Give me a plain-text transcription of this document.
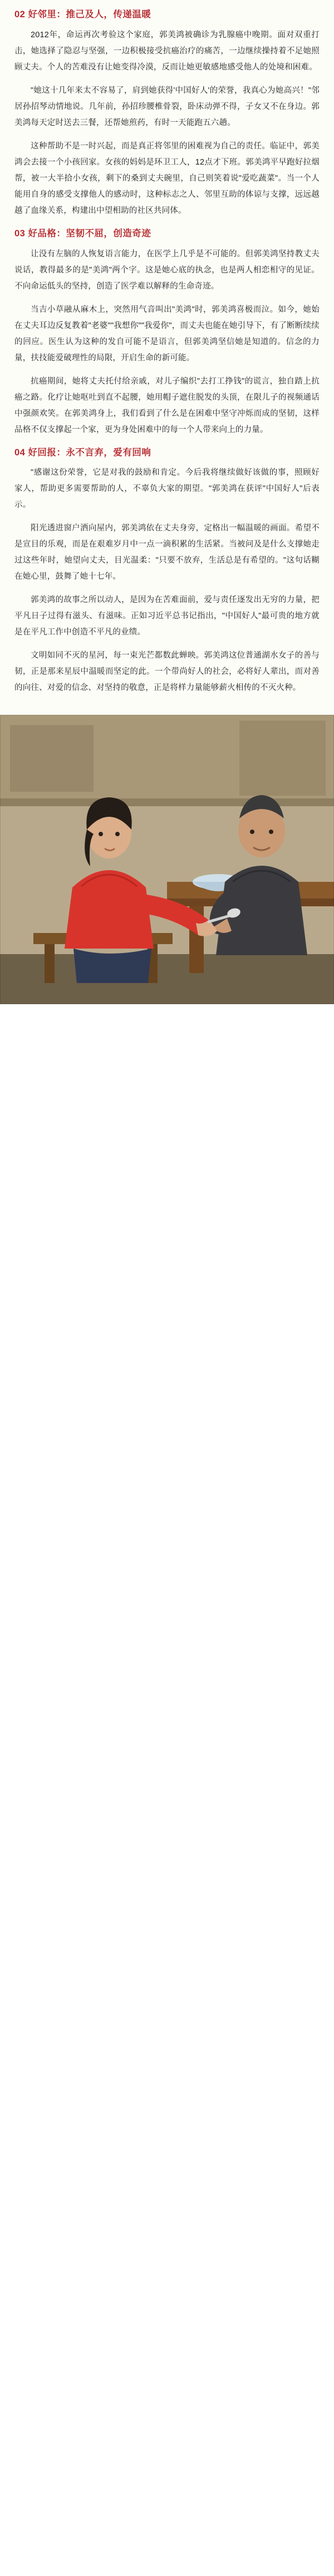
02 好邻里：推己及人，传递温暖

2012年，命运再次考验这个家庭，郭美鸿被确诊为乳腺癌中晚期。面对双重打击，她选择了隐忍与坚强，一边积极接受抗癌治疗的痛苦，一边继续操持着不足她照顾丈夫。个人的苦难没有让她变得冷漠，反而让她更敏感地感受他人的处境和困难。

"她这十几年来太不容易了，肩到她获得'中国好人'的荣誉，我真心为她高兴！"邻居孙招琴动情地说。几年前，孙招珍腰椎骨裂，卧床动弹不得，子女又不在身边。郭美鸿每天定时送去三餐，还帮她煎药，有时一天能跑五六趟。

这种帮助不是一时兴起，而是真正将邻里的困难视为自己的责任。临证中，郭美鸿会去接一个小孩回家。女孩的妈妈是环卫工人，12点才下班。郭美鸿平早跑好拉烟帮，被一大半拾小女孩，剩下的桑到丈夫碗里，自己则笑着说"爱吃蔬菜"。当一个人能用自身的感受支撑他人的感动时，这种标志之人、邻里互助的体谅与支撑，远远越越了血缘关系，构建出中望相助的社区共同体。

03 好品格：坚韧不屈，创造奇迹

让没有左脑的人恢复语言能力，在医学上几乎是不可能的。但郭美鸿坚持教丈夫说话，教得最多的是"美鸿"两个字。这是她心底的执念，也是两人相恋相守的见证。不向命运低头的坚持，创造了医学难以解释的生命奇迹。

当吉小草融从麻木上，突然用气音叫出"美鸿"时，郭美鸿喜极而泣。如今，她始在丈夫耳边反复教着"老婆""我想你""我爱你"，而丈夫也能在她引导下，有了断断续续的回应。医生认为这种的发自可能不是语言，但郭美鸿坚信她是知道的。信念的力量，扶技能爱破理性的局限，开启生命的新可能。

抗癌期间，她将丈夫托付给亲戚，对儿子编织"去打工挣钱"的谎言，独自踏上抗癌之路。化疗让她呕吐到直不起腰，她用帽子遮住脱发的头顶，在限儿子的视频通话中强颜欢笑。在郭美鸿身上，我们看到了什么是在困难中坚守冲烁而成的坚韧，这样品格不仅支撑起一个家，更为身处困难中的每一个人带来向上的力量。

04 好回报：永不言弃，爱有回响

"感谢这份荣誉，它是对我的鼓励和肯定。今后我将继续做好该做的事，照顾好家人，帮助更多需要帮助的人，不辜负大家的期望。"郭美鸿在获评"中国好人"后表示。

阳光透进窗户洒向屋内，郭美鸿依在丈夫身旁，定格出一幅温暖的画面。希望不是宣目的乐观，而是在艰难岁月中一点一滴积累的生活紧。当被问及是什么支撑她走过这些年时，她望向丈夫，目光温柔："只要不放弃，生活总是有希望的。"这句话糊在她心里，鼓舞了她十七年。

郭美鸿的故事之所以动人，是因为在苦难面前，爱与责任逐发出无穷的力量，把平凡日子过得有滋头、有滋味。正如习近平总书记指出，"中国好人"最可贵的地方就是在平凡工作中创造不平凡的业绩。

文明如同不灭的星河，每一束光芒都数此蝉映。郭美鸿这位普通湖水女子的善与韧，正是那来星辰中温暖而坚定的此。一个带尚好人的社会，必将好人辈出，而对善的向往、对爱的信念、对坚持的敬意，正是将样力量能够薪火相传的不灭火种。
